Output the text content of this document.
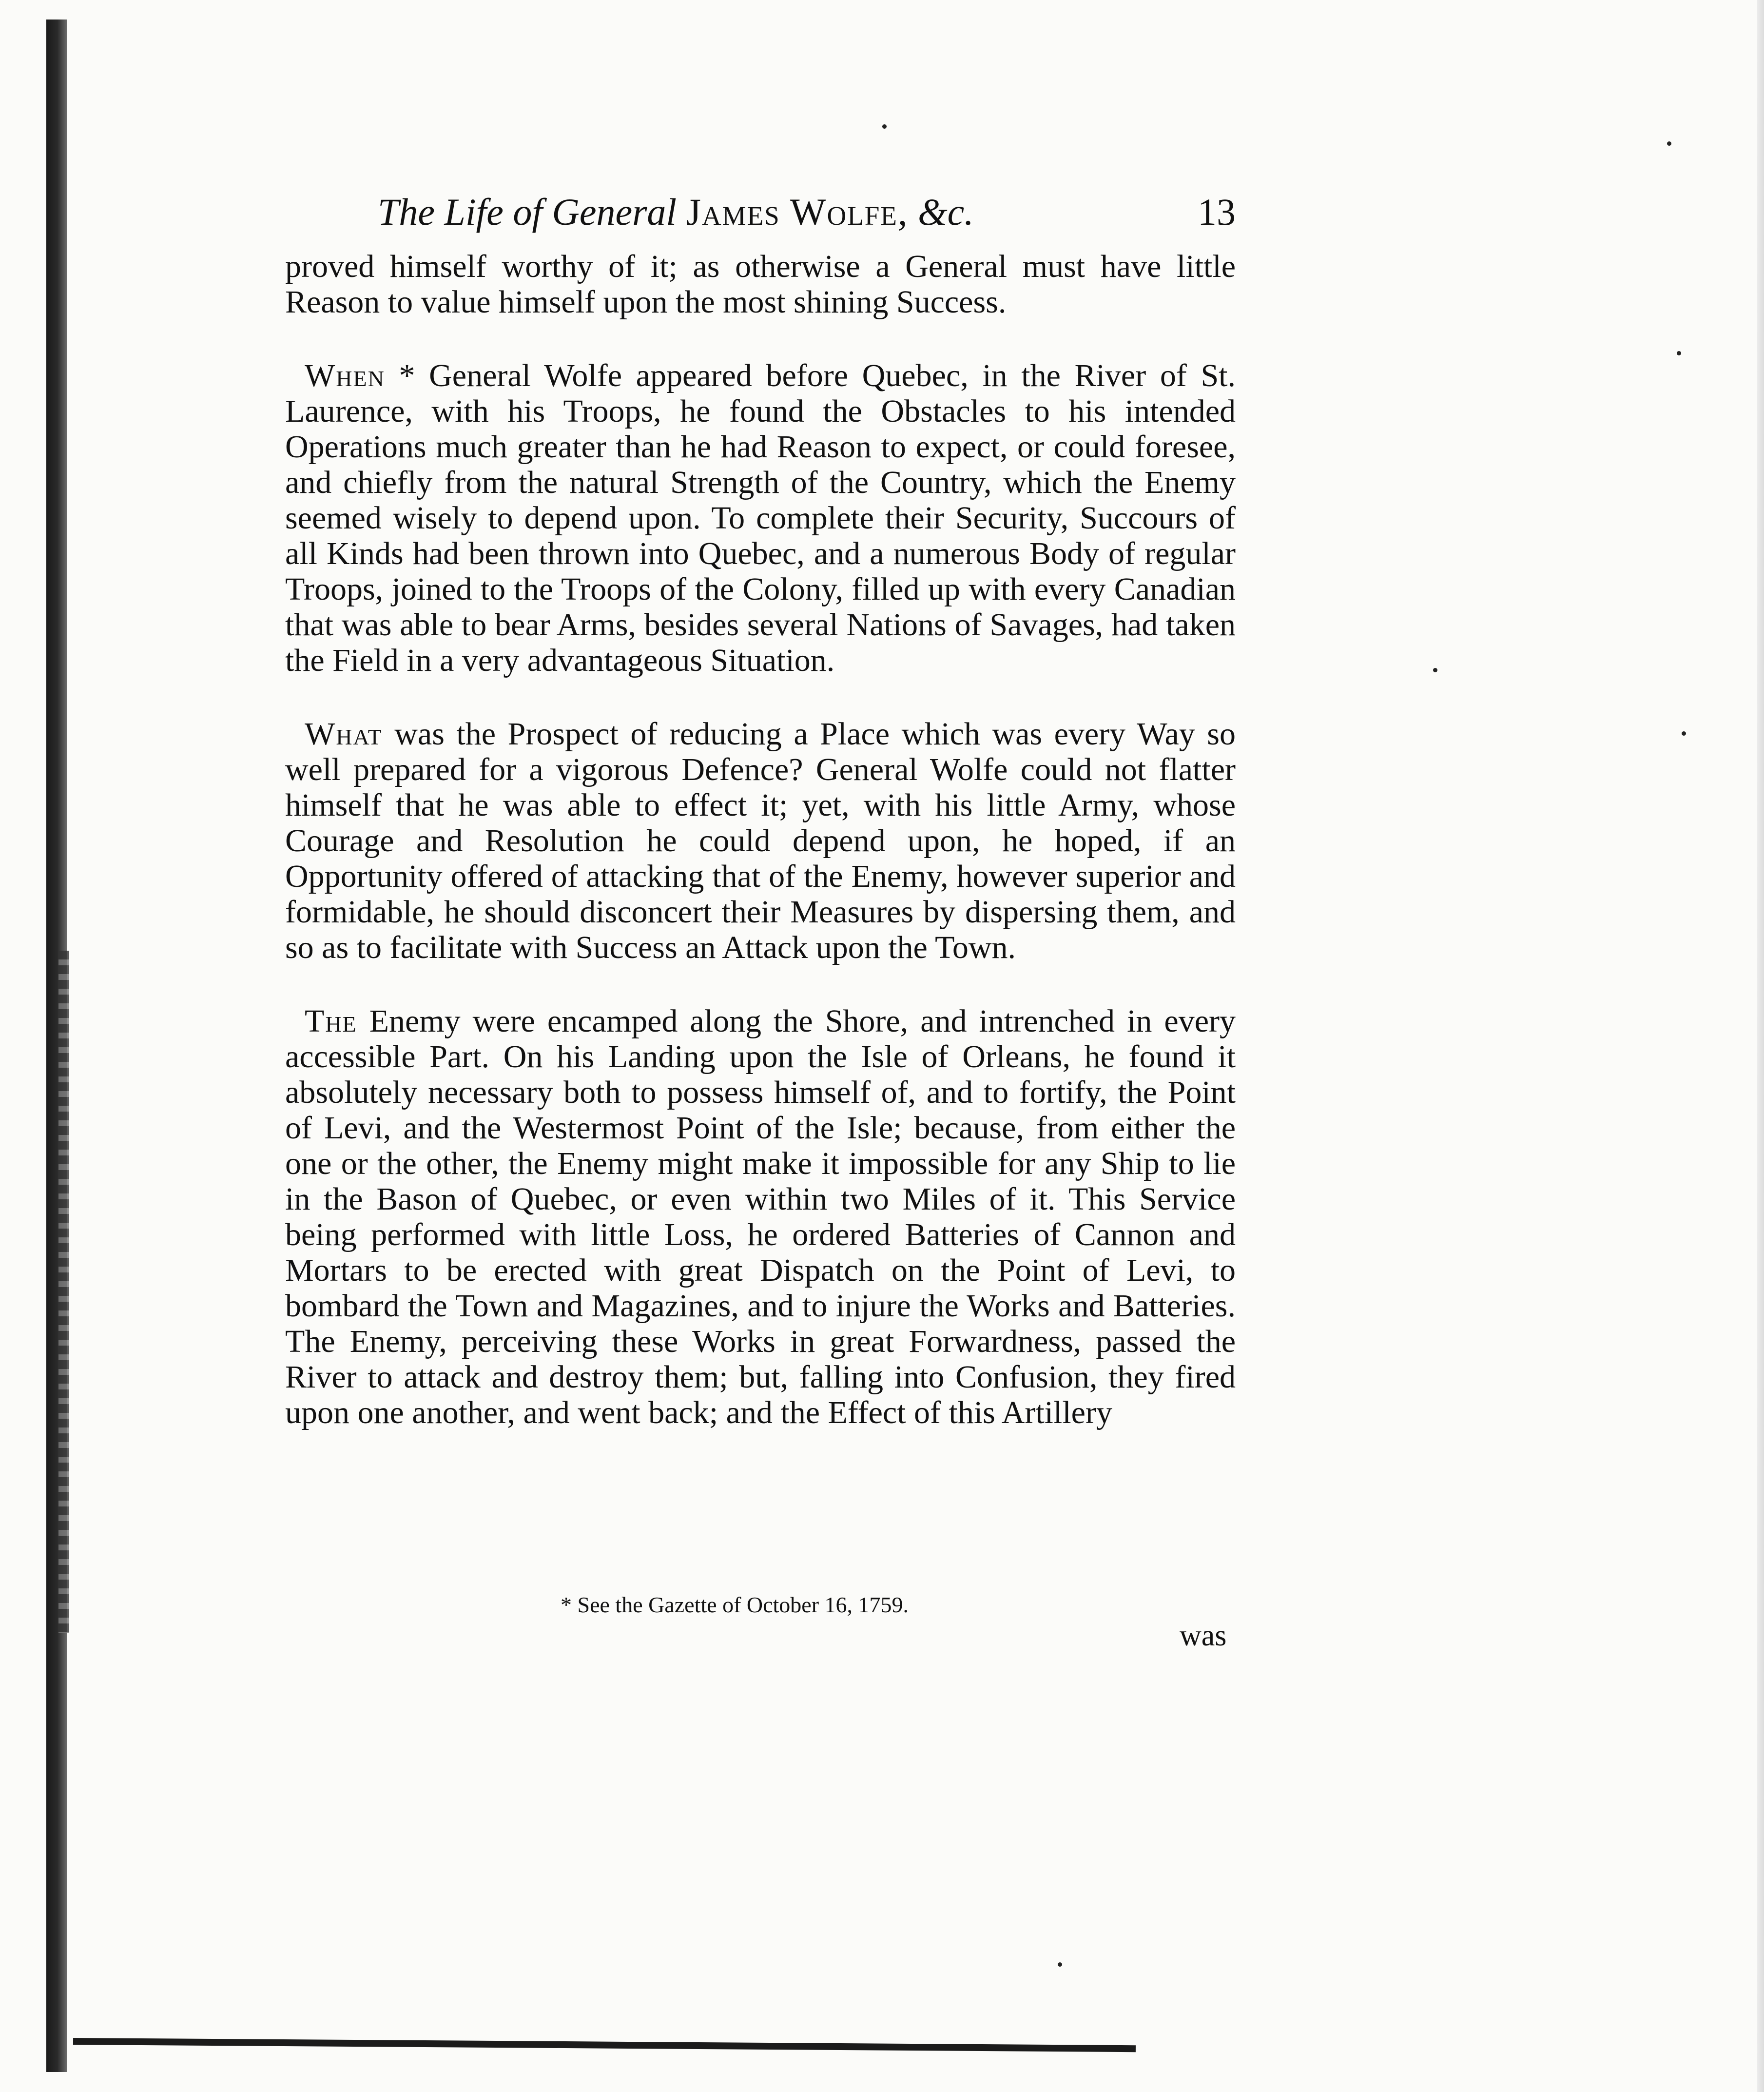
The Life of General James Wolfe, &c.	13

proved himself worthy of it; as otherwise a General must have little Reason to value himself upon the most shining Success.

When * General Wolfe appeared before Quebec, in the River of St. Laurence, with his Troops, he found the Obstacles to his intended Operations much greater than he had Reason to expect, or could foresee, and chiefly from the natural Strength of the Country, which the Enemy seemed wisely to depend upon. To complete their Security, Succours of all Kinds had been thrown into Quebec, and a numerous Body of regular Troops, joined to the Troops of the Colony, filled up with every Canadian that was able to bear Arms, besides several Nations of Savages, had taken the Field in a very advantageous Situation.

What was the Prospect of reducing a Place which was every Way so well prepared for a vigorous Defence? General Wolfe could not flatter himself that he was able to effect it; yet, with his little Army, whose Courage and Resolution he could depend upon, he hoped, if an Opportunity offered of attacking that of the Enemy, however superior and formidable, he should disconcert their Measures by dispersing them, and so as to facilitate with Success an Attack upon the Town.

The Enemy were encamped along the Shore, and intrenched in every accessible Part. On his Landing upon the Isle of Orleans, he found it absolutely necessary both to possess himself of, and to fortify, the Point of Levi, and the Westermost Point of the Isle; because, from either the one or the other, the Enemy might make it impossible for any Ship to lie in the Bason of Quebec, or even within two Miles of it. This Service being performed with little Loss, he ordered Batteries of Cannon and Mortars to be erected with great Dispatch on the Point of Levi, to bombard the Town and Magazines, and to injure the Works and Batteries. The Enemy, perceiving these Works in great Forwardness, passed the River to attack and destroy them; but, falling into Confusion, they fired upon one another, and went back; and the Effect of this Artillery

* See the Gazette of October 16, 1759.
was
